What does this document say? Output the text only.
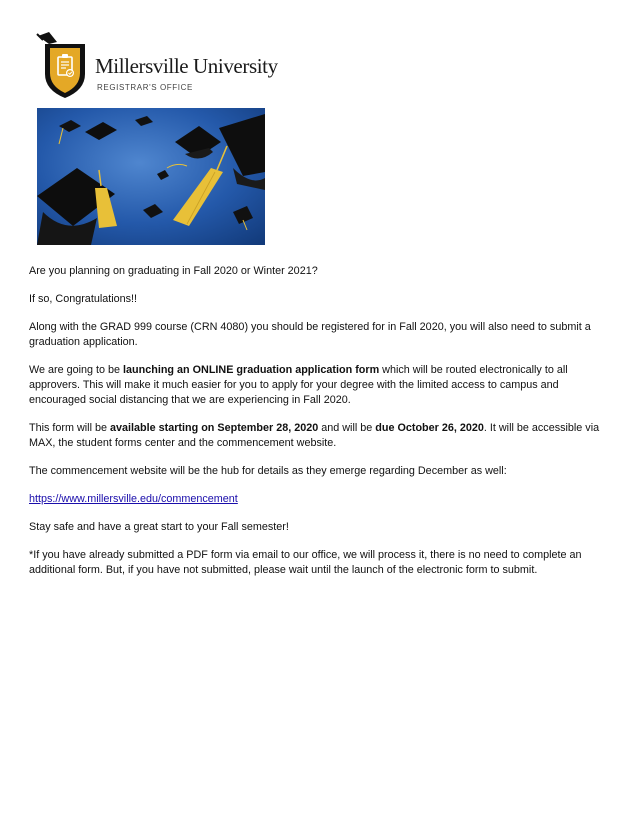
Millersville University
REGISTRAR'S OFFICE

Are you planning on graduating in Fall 2020 or Winter 2021?

If so, Congratulations!!

Along with the GRAD 999 course (CRN 4080) you should be registered for in Fall 2020, you will also need to submit a graduation application.

We are going to be launching an ONLINE graduation application form which will be routed electronically to all approvers. This will make it much easier for you to apply for your degree with the limited access to campus and encouraged social distancing that we are experiencing in Fall 2020.

This form will be available starting on September 28, 2020 and will be due October 26, 2020. It will be accessible via MAX, the student forms center and the commencement website.

The commencement website will be the hub for details as they emerge regarding December as well:

https://www.millersville.edu/commencement

Stay safe and have a great start to your Fall semester!

*If you have already submitted a PDF form via email to our office, we will process it, there is no need to complete an additional form. But, if you have not submitted, please wait until the launch of the electronic form to submit.
